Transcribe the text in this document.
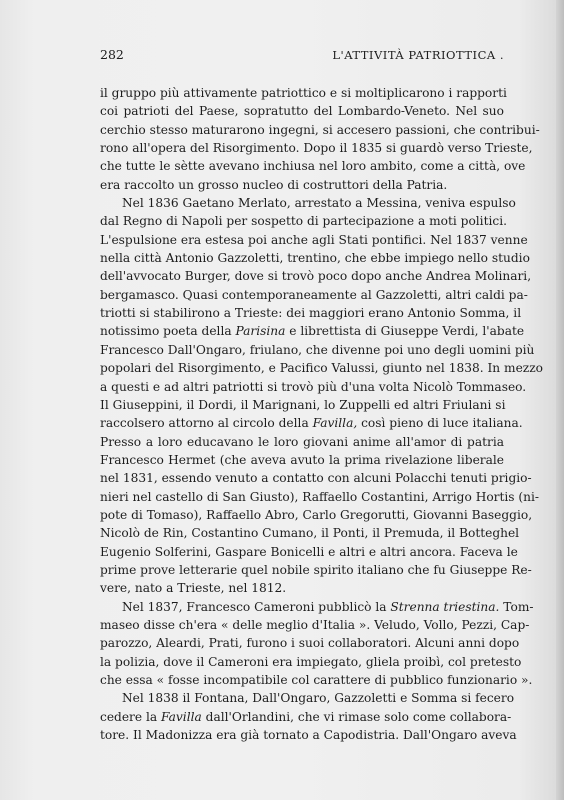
282	L'ATTIVITÀ PATRIOTTICA .
il gruppo più attivamente patriottico e si moltiplicarono i rapporti
coi patrioti del Paese, sopratutto del Lombardo-Veneto. Nel suo
cerchio stesso maturarono ingegni, si accesero passioni, che contribui-
rono all'opera del Risorgimento. Dopo il 1835 si guardò verso Trieste,
che tutte le sètte avevano inchiusa nel loro ambito, come a città, ove
era raccolto un grosso nucleo di costruttori della Patria.
Nel 1836 Gaetano Merlato, arrestato a Messina, veniva espulso
dal Regno di Napoli per sospetto di partecipazione a moti politici.
L'espulsione era estesa poi anche agli Stati pontifici. Nel 1837 venne
nella città Antonio Gazzoletti, trentino, che ebbe impiego nello studio
dell'avvocato Burger, dove si trovò poco dopo anche Andrea Molinari,
bergamasco. Quasi contemporaneamente al Gazzoletti, altri caldi pa-
triotti si stabilirono a Trieste: dei maggiori erano Antonio Somma, il
notissimo poeta della Parisina e librettista di Giuseppe Verdi, l'abate
Francesco Dall'Ongaro, friulano, che divenne poi uno degli uomini più
popolari del Risorgimento, e Pacifico Valussi, giunto nel 1838. In mezzo
a questi e ad altri patriotti si trovò più d'una volta Nicolò Tommaseo.
Il Giuseppini, il Dordi, il Marignani, lo Zuppelli ed altri Friulani si
raccolsero attorno al circolo della Favilla, così pieno di luce italiana.
Presso a loro educavano le loro giovani anime all'amor di patria
Francesco Hermet (che aveva avuto la prima rivelazione liberale
nel 1831, essendo venuto a contatto con alcuni Polacchi tenuti prigio-
nieri nel castello di San Giusto), Raffaello Costantini, Arrigo Hortis (ni-
pote di Tomaso), Raffaello Abro, Carlo Gregorutti, Giovanni Baseggio,
Nicolò de Rin, Costantino Cumano, il Ponti, il Premuda, il Botteghel
Eugenio Solferini, Gaspare Bonicelli e altri e altri ancora. Faceva le
prime prove letterarie quel nobile spirito italiano che fu Giuseppe Re-
vere, nato a Trieste, nel 1812.
Nel 1837, Francesco Cameroni pubblicò la Strenna triestina. Tom-
maseo disse ch'era « delle meglio d'Italia ». Veludo, Vollo, Pezzi, Cap-
parozzo, Aleardi, Prati, furono i suoi collaboratori. Alcuni anni dopo
la polizia, dove il Cameroni era impiegato, gliela proibì, col pretesto
che essa « fosse incompatibile col carattere di pubblico funzionario ».
Nel 1838 il Fontana, Dall'Ongaro, Gazzoletti e Somma si fecero
cedere la Favilla dall'Orlandini, che vi rimase solo come collabora-
tore. Il Madonizza era già tornato a Capodistria. Dall'Ongaro aveva
